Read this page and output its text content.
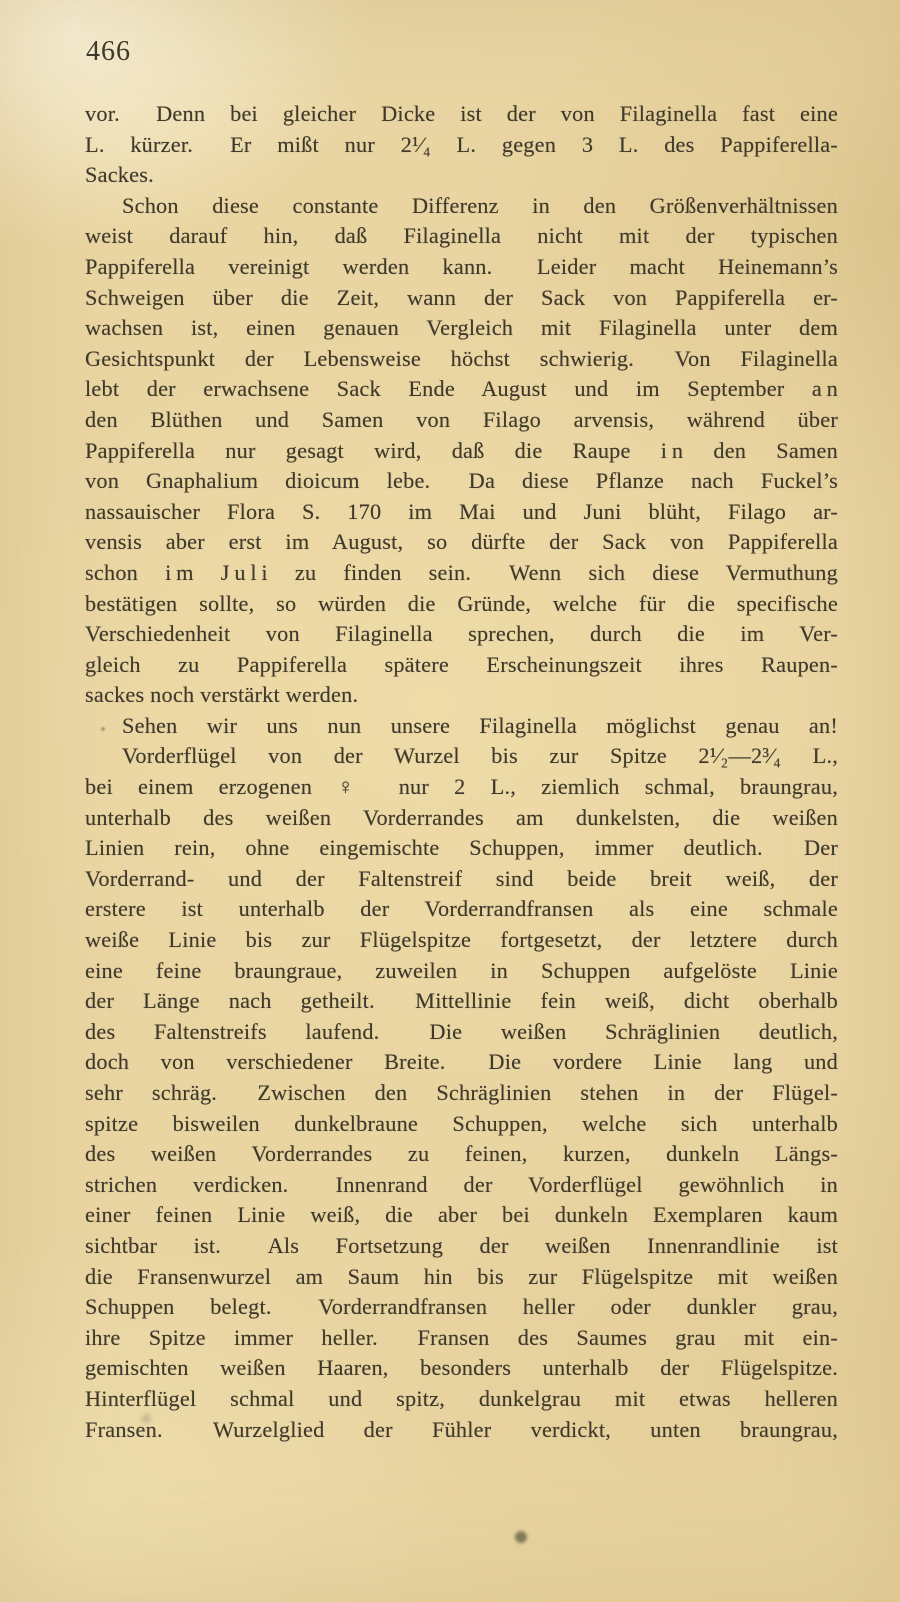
466
vor.  Denn bei gleicher Dicke ist der von Filaginella fast eine
L. kürzer.  Er mißt nur 2¹⁄₄ L. gegen 3 L. des Pappiferella-
Sackes.
Schon diese constante Differenz in den Größenverhältnissen
weist darauf hin, daß Filaginella nicht mit der typischen
Pappiferella vereinigt werden kann.  Leider macht Heinemann’s
Schweigen über die Zeit, wann der Sack von Pappiferella er-
wachsen ist, einen genauen Vergleich mit Filaginella unter dem
Gesichtspunkt der Lebensweise höchst schwierig.  Von Filaginella
lebt der erwachsene Sack Ende August und im September a n
den Blüthen und Samen von Filago arvensis, während über
Pappiferella nur gesagt wird, daß die Raupe i n den Samen
von Gnaphalium dioicum lebe.  Da diese Pflanze nach Fuckel’s
nassauischer Flora S. 170 im Mai und Juni blüht, Filago ar-
vensis aber erst im August, so dürfte der Sack von Pappiferella
schon i m J u l i zu finden sein.  Wenn sich diese Vermuthung
bestätigen sollte, so würden die Gründe, welche für die specifische
Verschiedenheit von Filaginella sprechen, durch die im Ver-
gleich zu Pappiferella spätere Erscheinungszeit ihres Raupen-
sackes noch verstärkt werden.
Sehen wir uns nun unsere Filaginella möglichst genau an!
Vorderflügel von der Wurzel bis zur Spitze 2¹⁄₂—2³⁄₄ L.,
bei einem erzogenen ♀ nur 2 L., ziemlich schmal, braungrau,
unterhalb des weißen Vorderrandes am dunkelsten, die weißen
Linien rein, ohne eingemischte Schuppen, immer deutlich.  Der
Vorderrand- und der Faltenstreif sind beide breit weiß, der
erstere ist unterhalb der Vorderrandfransen als eine schmale
weiße Linie bis zur Flügelspitze fortgesetzt, der letztere durch
eine feine braungraue, zuweilen in Schuppen aufgelöste Linie
der Länge nach getheilt.  Mittellinie fein weiß, dicht oberhalb
des Faltenstreifs laufend.  Die weißen Schräglinien deutlich,
doch von verschiedener Breite.  Die vordere Linie lang und
sehr schräg.  Zwischen den Schräglinien stehen in der Flügel-
spitze bisweilen dunkelbraune Schuppen, welche sich unterhalb
des weißen Vorderrandes zu feinen, kurzen, dunkeln Längs-
strichen verdicken.  Innenrand der Vorderflügel gewöhnlich in
einer feinen Linie weiß, die aber bei dunkeln Exemplaren kaum
sichtbar ist.  Als Fortsetzung der weißen Innenrandlinie ist
die Fransenwurzel am Saum hin bis zur Flügelspitze mit weißen
Schuppen belegt.  Vorderrandfransen heller oder dunkler grau,
ihre Spitze immer heller.  Fransen des Saumes grau mit ein-
gemischten weißen Haaren, besonders unterhalb der Flügelspitze.
Hinterflügel schmal und spitz, dunkelgrau mit etwas helleren
Fransen.  Wurzelglied der Fühler verdickt, unten braungrau,
